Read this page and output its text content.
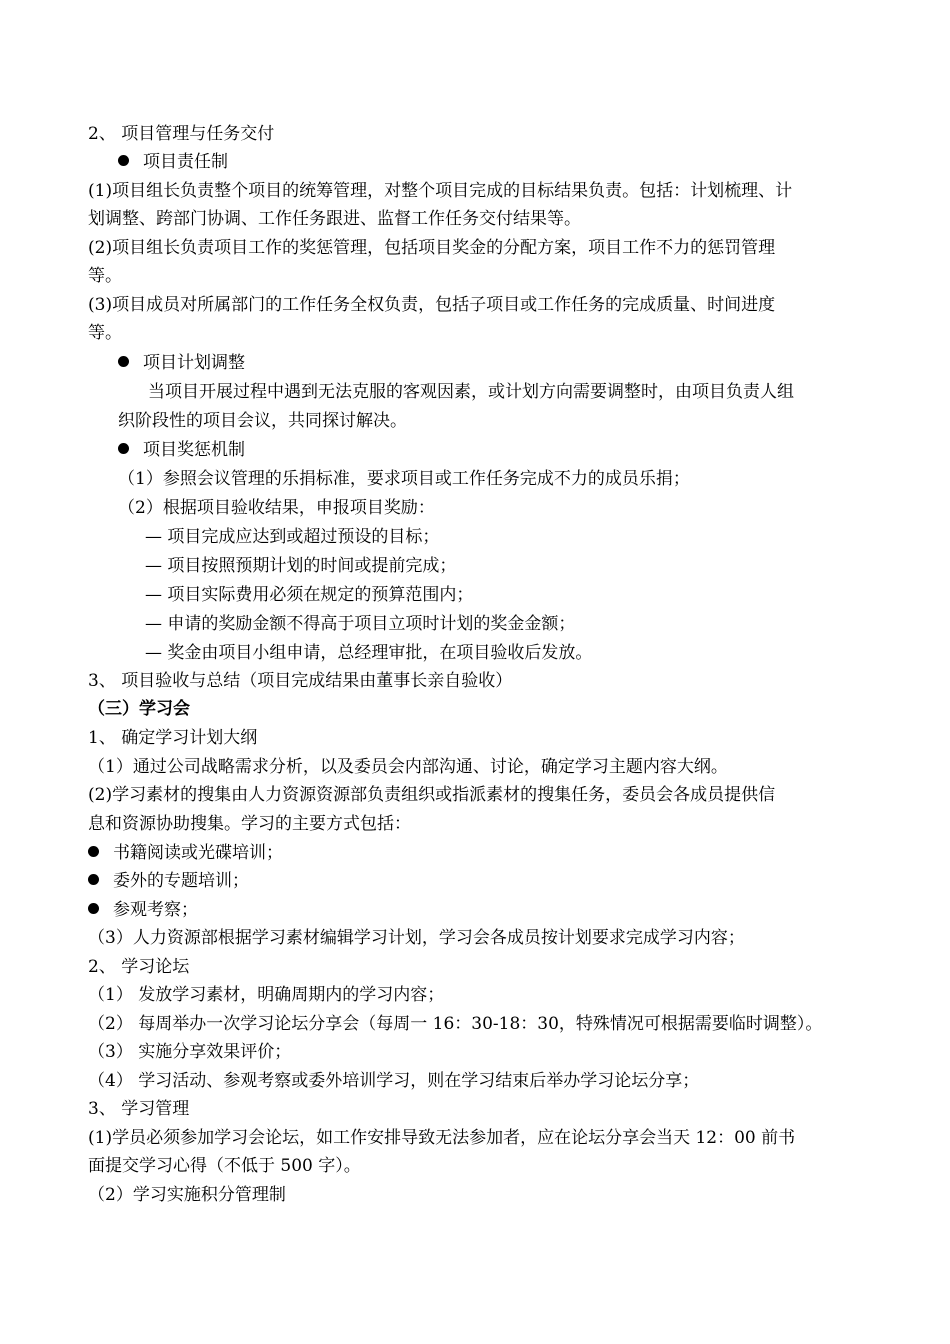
2、 项目管理与任务交付
项目责任制
(1)项目组长负责整个项目的统筹管理，对整个项目完成的目标结果负责。包括：计划梳理、计
划调整、跨部门协调、工作任务跟进、监督工作任务交付结果等。
(2)项目组长负责项目工作的奖惩管理，包括项目奖金的分配方案，项目工作不力的惩罚管理
等。
(3)项目成员对所属部门的工作任务全权负责，包括子项目或工作任务的完成质量、时间进度
等。
项目计划调整
当项目开展过程中遇到无法克服的客观因素，或计划方向需要调整时，由项目负责人组
织阶段性的项目会议，共同探讨解决。
项目奖惩机制
（1）参照会议管理的乐捐标准，要求项目或工作任务完成不力的成员乐捐；
（2）根据项目验收结果，申报项目奖励：
— 项目完成应达到或超过预设的目标；
— 项目按照预期计划的时间或提前完成；
— 项目实际费用必须在规定的预算范围内；
— 申请的奖励金额不得高于项目立项时计划的奖金金额；
— 奖金由项目小组申请，总经理审批，在项目验收后发放。
3、 项目验收与总结（项目完成结果由董事长亲自验收）
（三）学习会
1、 确定学习计划大纲
（1）通过公司战略需求分析，以及委员会内部沟通、讨论，确定学习主题内容大纲。
(2)学习素材的搜集由人力资源资源部负责组织或指派素材的搜集任务，委员会各成员提供信
息和资源协助搜集。学习的主要方式包括：
书籍阅读或光碟培训；
委外的专题培训；
参观考察；
（3）人力资源部根据学习素材编辑学习计划，学习会各成员按计划要求完成学习内容；
2、 学习论坛
（1） 发放学习素材，明确周期内的学习内容；
（2） 每周举办一次学习论坛分享会（每周一 16：30-18：30，特殊情况可根据需要临时调整）。
（3） 实施分享效果评价；
（4） 学习活动、参观考察或委外培训学习，则在学习结束后举办学习论坛分享；
3、 学习管理
(1)学员必须参加学习会论坛，如工作安排导致无法参加者，应在论坛分享会当天 12：00 前书
面提交学习心得（不低于 500 字）。
（2）学习实施积分管理制
